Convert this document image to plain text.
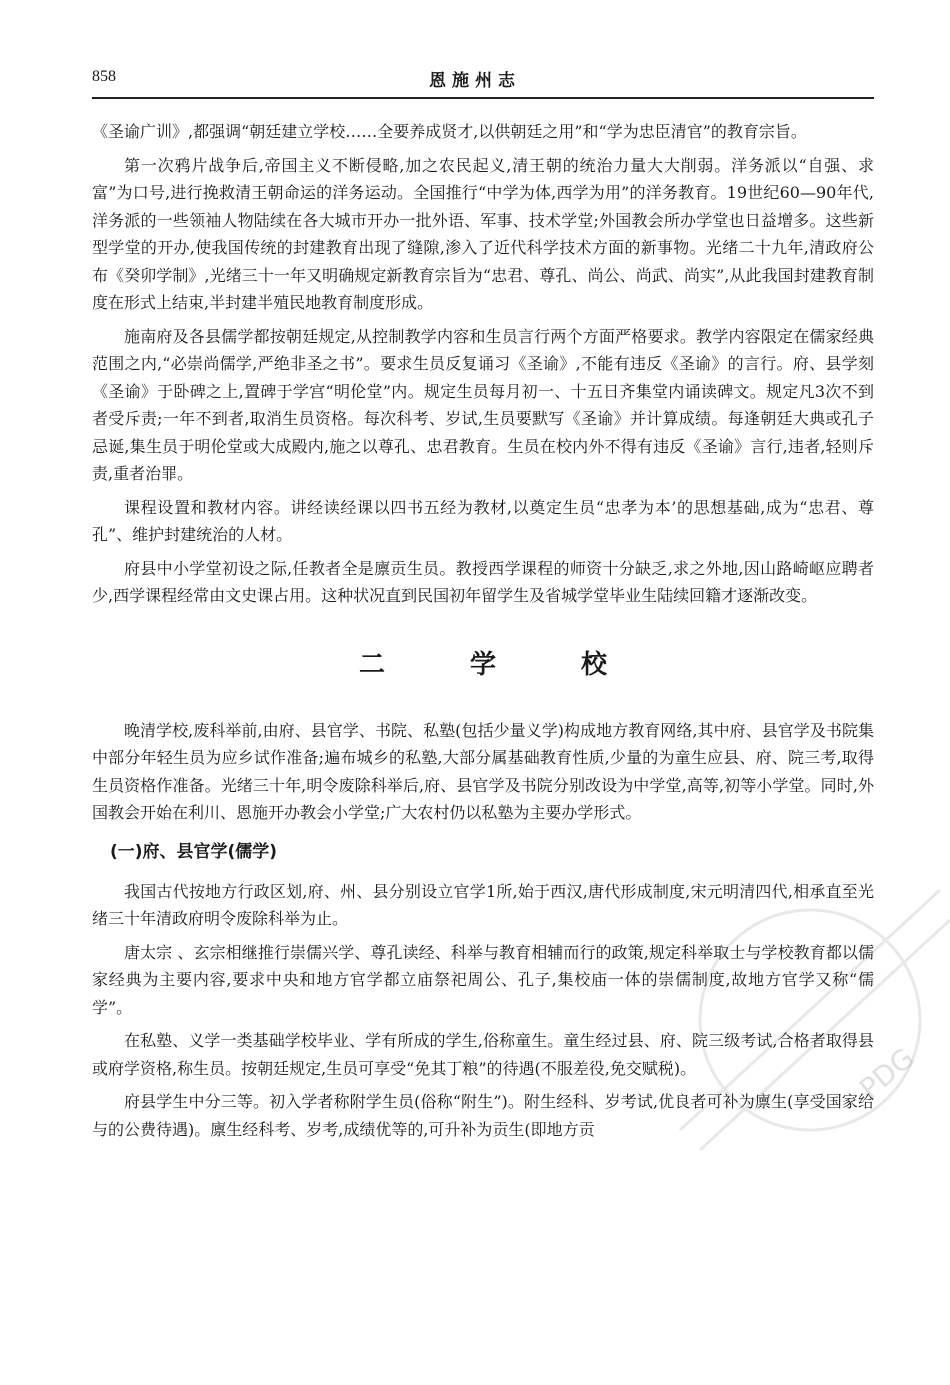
858	恩施州志

《圣谕广训》,都强调“朝廷建立学校……全要养成贤才,以供朝廷之用”和“学为忠臣清官”的教育宗旨。

第一次鸦片战争后,帝国主义不断侵略,加之农民起义,清王朝的统治力量大大削弱。洋务派以“自强、求富”为口号,进行挽救清王朝命运的洋务运动。全国推行“中学为体,西学为用”的洋务教育。19世纪60—90年代,洋务派的一些领袖人物陆续在各大城市开办一批外语、军事、技术学堂;外国教会所办学堂也日益增多。这些新型学堂的开办,使我国传统的封建教育出现了缝隙,渗入了近代科学技术方面的新事物。光绪二十九年,清政府公布《癸卯学制》,光绪三十一年又明确规定新教育宗旨为“忠君、尊孔、尚公、尚武、尚实”,从此我国封建教育制度在形式上结束,半封建半殖民地教育制度形成。

施南府及各县儒学都按朝廷规定,从控制教学内容和生员言行两个方面严格要求。教学内容限定在儒家经典范围之内,“必崇尚儒学,严绝非圣之书”。要求生员反复诵习《圣谕》,不能有违反《圣谕》的言行。府、县学刻《圣谕》于卧碑之上,置碑于学宫“明伦堂”内。规定生员每月初一、十五日齐集堂内诵读碑文。规定凡3次不到者受斥责;一年不到者,取消生员资格。每次科考、岁试,生员要默写《圣谕》并计算成绩。每逢朝廷大典或孔子忌诞,集生员于明伦堂或大成殿内,施之以尊孔、忠君教育。生员在校内外不得有违反《圣谕》言行,违者,轻则斥责,重者治罪。

课程设置和教材内容。讲经读经课以四书五经为教材,以奠定生员“忠孝为本’的思想基础,成为“忠君、尊孔”、维护封建统治的人材。

府县中小学堂初设之际,任教者全是廪贡生员。教授西学课程的师资十分缺乏,求之外地,因山路崎岖应聘者少,西学课程经常由文史课占用。这种状况直到民国初年留学生及省城学堂毕业生陆续回籍才逐渐改变。

二 学 校

晚清学校,废科举前,由府、县官学、书院、私塾(包括少量义学)构成地方教育网络,其中府、县官学及书院集中部分年轻生员为应乡试作准备;遍布城乡的私塾,大部分属基础教育性质,少量的为童生应县、府、院三考,取得生员资格作准备。光绪三十年,明令废除科举后,府、县官学及书院分别改设为中学堂,高等,初等小学堂。同时,外国教会开始在利川、恩施开办教会小学堂;广大农村仍以私塾为主要办学形式。

(一)府、县官学(儒学)

我国古代按地方行政区划,府、州、县分别设立官学1所,始于西汉,唐代形成制度,宋元明清四代,相承直至光绪三十年清政府明令废除科举为止。

唐太宗 、玄宗相继推行崇儒兴学、尊孔读经、科举与教育相辅而行的政策,规定科举取士与学校教育都以儒家经典为主要内容,要求中央和地方官学都立庙祭祀周公、孔子,集校庙一体的崇儒制度,故地方官学又称“儒学”。

在私塾、义学一类基础学校毕业、学有所成的学生,俗称童生。童生经过县、府、院三级考试,合格者取得县或府学资格,称生员。按朝廷规定,生员可享受“免其丁粮”的待遇(不服差役,免交赋税)。

府县学生中分三等。初入学者称附学生员(俗称“附生”)。附生经科、岁考试,优良者可补为廪生(享受国家给与的公费待遇)。廪生经科考、岁考,成绩优等的,可升补为贡生(即地方贡

PDG
